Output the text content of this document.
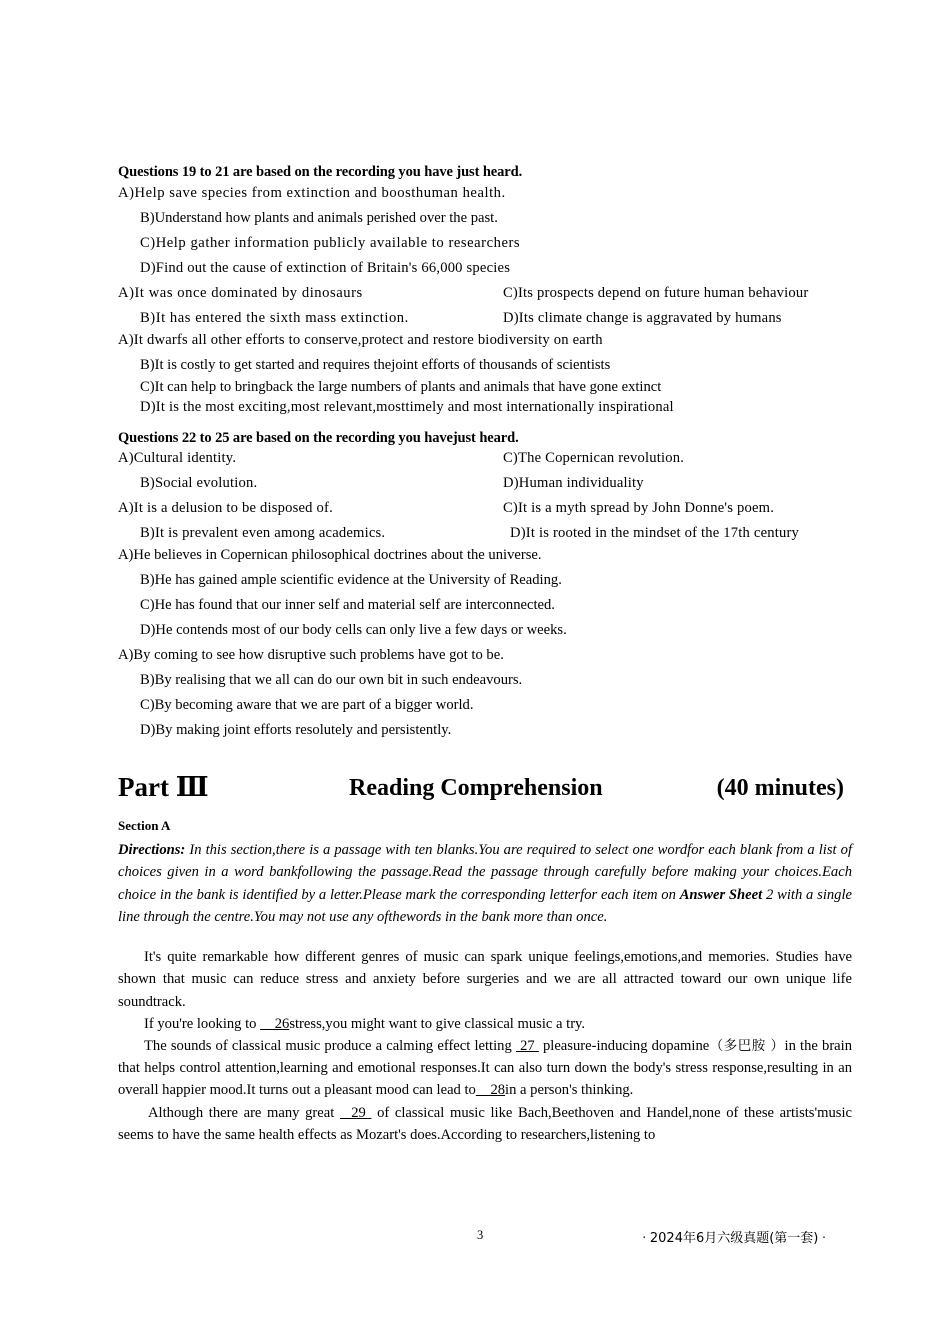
Questions 19 to 21 are based on the recording you have just heard.
A)Help save species from extinction and boosthuman health.
B)Understand how plants and animals perished over the past.
C)Help gather information publicly available to researchers
D)Find out the cause of extinction of Britain's 66,000 species
A)It was once dominated by dinosaurs	C)Its prospects depend on future human behaviour
B)It has entered the sixth mass extinction.	D)Its climate change is aggravated by humans
A)It dwarfs all other efforts to conserve,protect and restore biodiversity on earth
B)It is costly to get started and requires thejoint efforts of thousands of scientists
C)It can help to bringback the large numbers of plants and animals that have gone extinct
D)It is the most exciting,most relevant,mosttimely and most internationally inspirational
Questions 22 to 25 are based on the recording you havejust heard.
A)Cultural identity.	C)The Copernican revolution.
B)Social evolution.	D)Human individuality
A)It is a delusion to be disposed of.	C)It is a myth spread by John Donne's poem.
B)It is prevalent even among academics.	D)It is rooted in the mindset of the 17th century
A)He believes in Copernican philosophical doctrines about the universe.
B)He has gained ample scientific evidence at the University of Reading.
C)He has found that our inner self and material self are interconnected.
D)He contends most of our body cells can only live a few days or weeks.
A)By coming to see how disruptive such problems have got to be.
B)By realising that we all can do our own bit in such endeavours.
C)By becoming aware that we are part of a bigger world.
D)By making joint efforts resolutely and persistently.
Part Ⅲ	Reading Comprehension	(40 minutes)
Section A
Directions: In this section,there is a passage with ten blanks.You are required to select one wordfor each blank from a list of choices given in a word bankfollowing the passage.Read the passage through carefully before making your choices.Each choice in the bank is identified by a letter.Please mark the corresponding letterfor each item on Answer Sheet 2 with a single line through the centre.You may not use any ofthewords in the bank more than once.

It's quite remarkable how different genres of music can spark unique feelings,emotions,and memories. Studies have shown that music can reduce stress and anxiety before surgeries and we are all attracted toward our own unique life soundtrack.

If you're looking to     26stress,you might want to give classical music a try.

The sounds of classical music produce a calming effect letting  27  pleasure-inducing dopamine（多巴胺 ）in the brain that helps control attention,learning and emotional responses.It can also turn down the body's stress response,resulting in an overall happier mood.It turns out a pleasant mood can lead to    28in a person's thinking.

Although there are many great   29  of classical music like Bach,Beethoven and Handel,none of these artists'music seems to have the same health effects as Mozart's does.According to researchers,listening to

3	· 2024年6月六级真题(第一套) ·
